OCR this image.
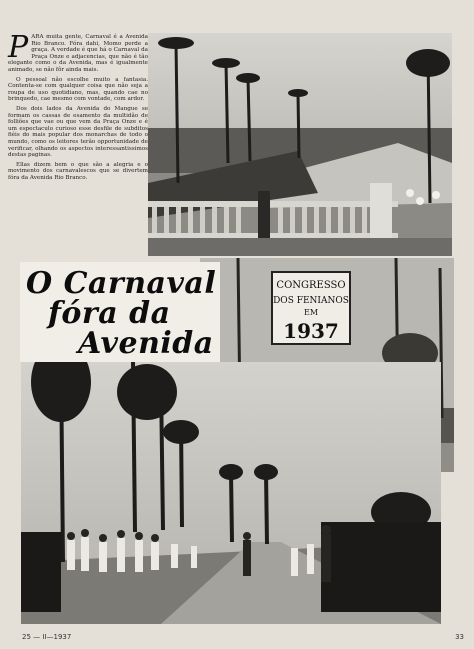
PARA muita gente, Carnaval é a Avenida Rio Branco. Fóra dahi, Momo perde a graça. A verdade é que há o Carnaval da Praça Onze e adjacencias, que não é tão elegante como o da Avenida, mas é igualmente animado, se não fôr ainda mais.

O pessoal não escolhe muito a fantasia. Contenta-se com qualquer coisa que não seja a roupa de uso quotidiano, mas, quando cae no brinquedo, cae mesmo com vontade, com ardor.

Dos dois lados da Avenida do Mangue se formam os cassas de esamento da multidão de folliões que vae ou que vem da Praça Onze e é um espectaculo curioso esse desfile de subditos fiéis do mais popular dos monarchas de todo o mundo, como os leitores terão opportunidade de verificar, olhando os aspectos interessantissimos destas paginas.

Ellas dizem bem o que são a alegria e o movimento dos carnavalescos que se divertem fóra da Avenida Rio Branco.

CONGRESSO
DOS FENIANOS
EM
1937
O Carnaval
fóra da
Avenida
25 — II—1937	33
